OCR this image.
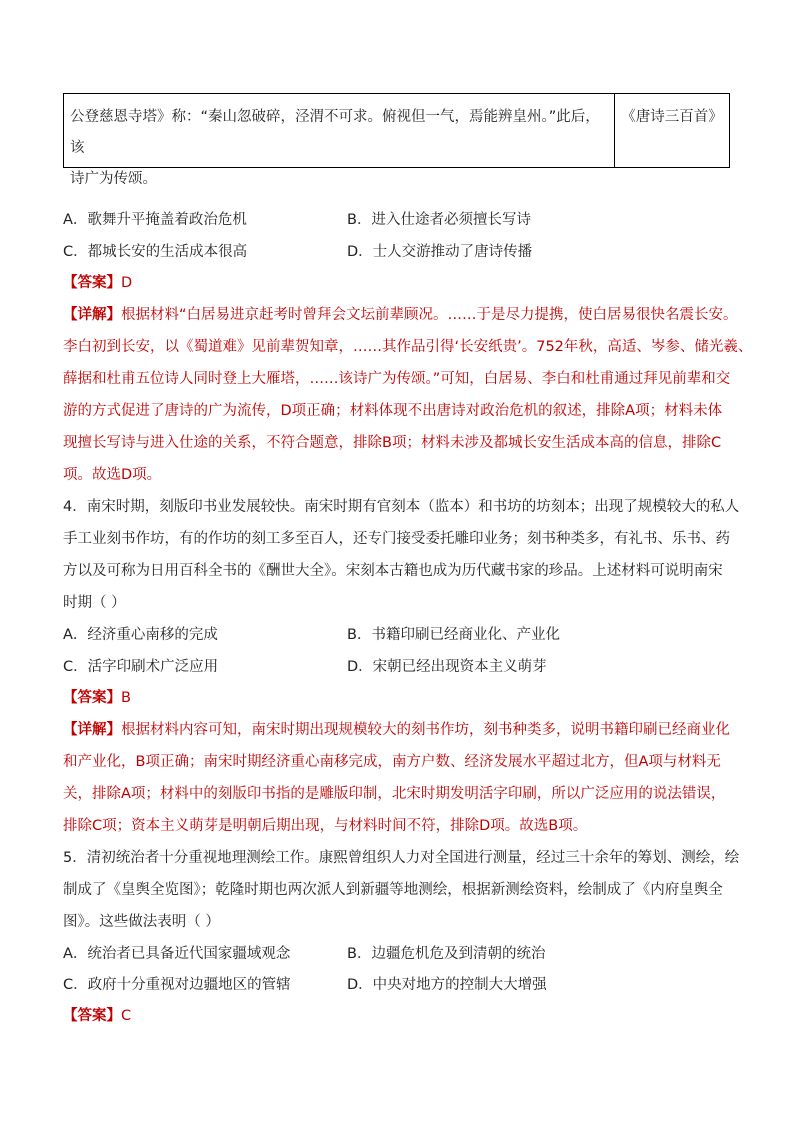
公登慈恩寺塔》称：“秦山忽破碎，泾渭不可求。俯视但一气，焉能辨皇州。”此后，该
诗广为传颂。
《唐诗三百首》
A．歌舞升平掩盖着政治危机	B．进入仕途者必须擅长写诗
C．都城长安的生活成本很高	D．士人交游推动了唐诗传播
【答案】D
【详解】根据材料“白居易进京赶考时曾拜会文坛前辈顾况。……于是尽力提携，使白居易很快名震长安。
李白初到长安，以《蜀道难》见前辈贺知章，……其作品引得‘长安纸贵’。752年秋，高适、岑参、储光羲、
薛据和杜甫五位诗人同时登上大雁塔，……该诗广为传颂。”可知，白居易、李白和杜甫通过拜见前辈和交
游的方式促进了唐诗的广为流传，D项正确；材料体现不出唐诗对政治危机的叙述，排除A项；材料未体
现擅长写诗与进入仕途的关系，不符合题意，排除B项；材料未涉及都城长安生活成本高的信息，排除C
项。故选D项。
4．南宋时期，刻版印书业发展较快。南宋时期有官刻本（监本）和书坊的坊刻本；出现了规模较大的私人
手工业刻书作坊，有的作坊的刻工多至百人，还专门接受委托雕印业务；刻书种类多，有礼书、乐书、药
方以及可称为日用百科全书的《酬世大全》。宋刻本古籍也成为历代藏书家的珍品。上述材料可说明南宋
时期（ ）
A．经济重心南移的完成	B．书籍印刷已经商业化、产业化
C．活字印刷术广泛应用	D．宋朝已经出现资本主义萌芽
【答案】B
【详解】根据材料内容可知，南宋时期出现规模较大的刻书作坊，刻书种类多，说明书籍印刷已经商业化
和产业化，B项正确；南宋时期经济重心南移完成，南方户数、经济发展水平超过北方，但A项与材料无
关，排除A项；材料中的刻版印书指的是雕版印制，北宋时期发明活字印刷，所以广泛应用的说法错误，
排除C项；资本主义萌芽是明朝后期出现，与材料时间不符，排除D项。故选B项。
5．清初统治者十分重视地理测绘工作。康熙曾组织人力对全国进行测量，经过三十余年的筹划、测绘，绘
制成了《皇舆全览图》；乾隆时期也两次派人到新疆等地测绘，根据新测绘资料，绘制成了《内府皇舆全
图》。这些做法表明（ ）
A．统治者已具备近代国家疆域观念	B．边疆危机危及到清朝的统治
C．政府十分重视对边疆地区的管辖	D．中央对地方的控制大大增强
【答案】C
